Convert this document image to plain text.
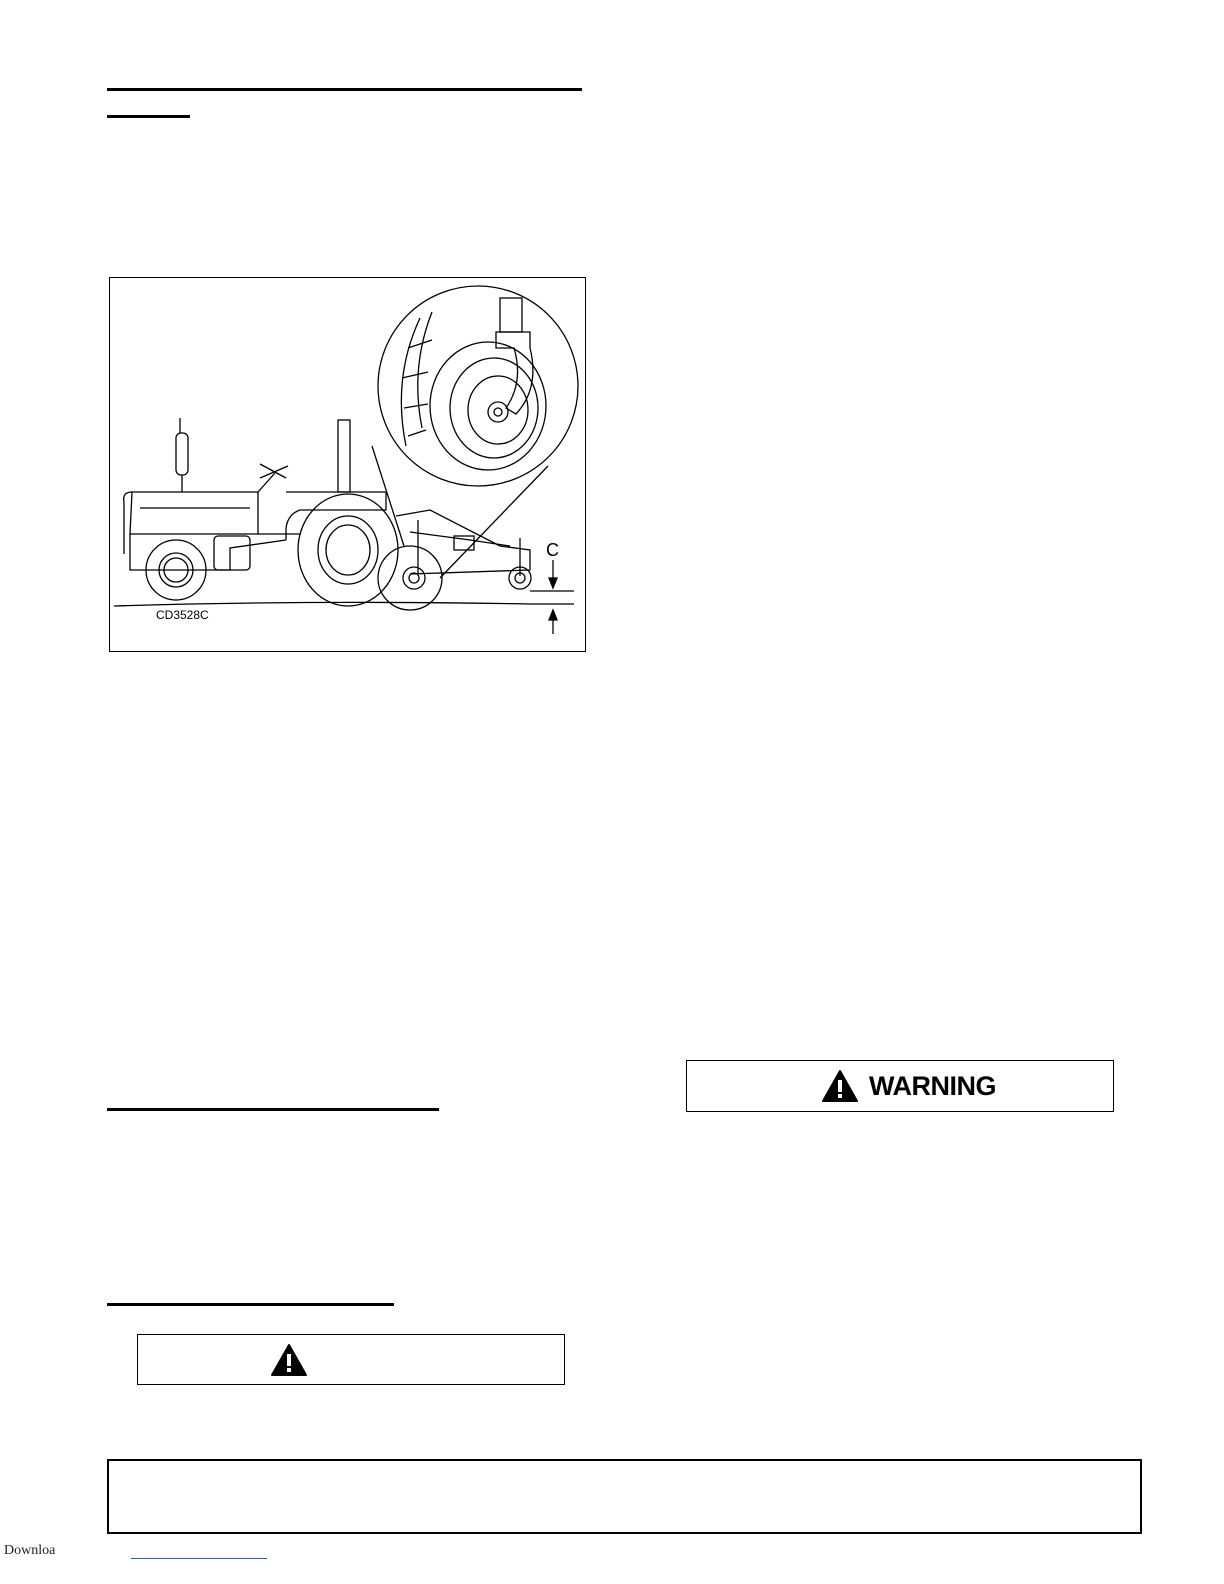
CD3528C
C
WARNING
Downloa
